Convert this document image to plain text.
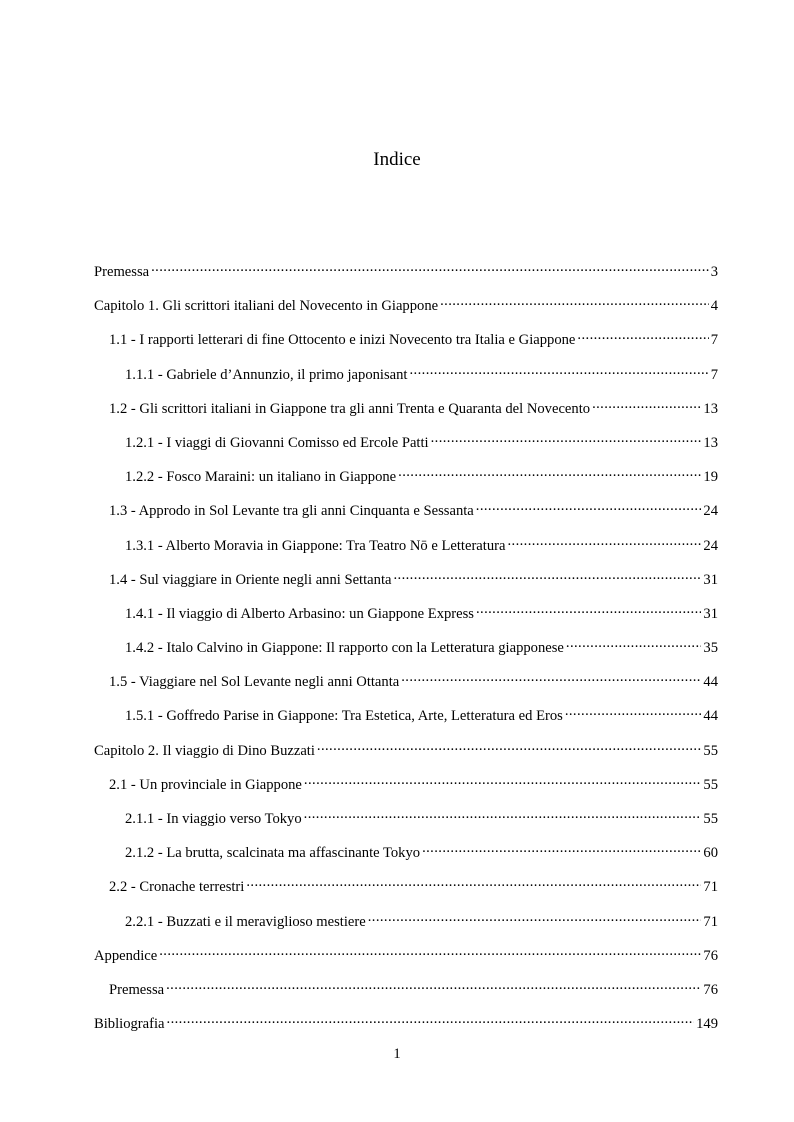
Indice
Premessa .....	3
Capitolo 1. Gli scrittori italiani del Novecento in Giappone .....	4
1.1 - I rapporti letterari di fine Ottocento e inizi Novecento tra Italia e Giappone .....	7
1.1.1 - Gabriele d’Annunzio, il primo japonisant .....	7
1.2 - Gli scrittori italiani in Giappone tra gli anni Trenta e Quaranta del Novecento .....	13
1.2.1 - I viaggi di Giovanni Comisso ed Ercole Patti .....	13
1.2.2 - Fosco Maraini: un italiano in Giappone .....	19
1.3 - Approdo in Sol Levante tra gli anni Cinquanta e Sessanta .....	24
1.3.1 - Alberto Moravia in Giappone: Tra Teatro Nō e Letteratura .....	24
1.4 - Sul viaggiare in Oriente negli anni Settanta .....	31
1.4.1 - Il viaggio di Alberto Arbasino: un Giappone Express .....	31
1.4.2 - Italo Calvino in Giappone: Il rapporto con la Letteratura giapponese .....	35
1.5 - Viaggiare nel Sol Levante negli anni Ottanta .....	44
1.5.1 - Goffredo Parise in Giappone: Tra Estetica, Arte, Letteratura ed Eros .....	44
Capitolo 2. Il viaggio di Dino Buzzati .....	55
2.1 - Un provinciale in Giappone .....	55
2.1.1 - In viaggio verso Tokyo .....	55
2.1.2 - La brutta, scalcinata ma affascinante Tokyo .....	60
2.2 - Cronache terrestri .....	71
2.2.1 - Buzzati e il meraviglioso mestiere .....	71
Appendice .....	76
Premessa .....	76
Bibliografia .....	149
1
